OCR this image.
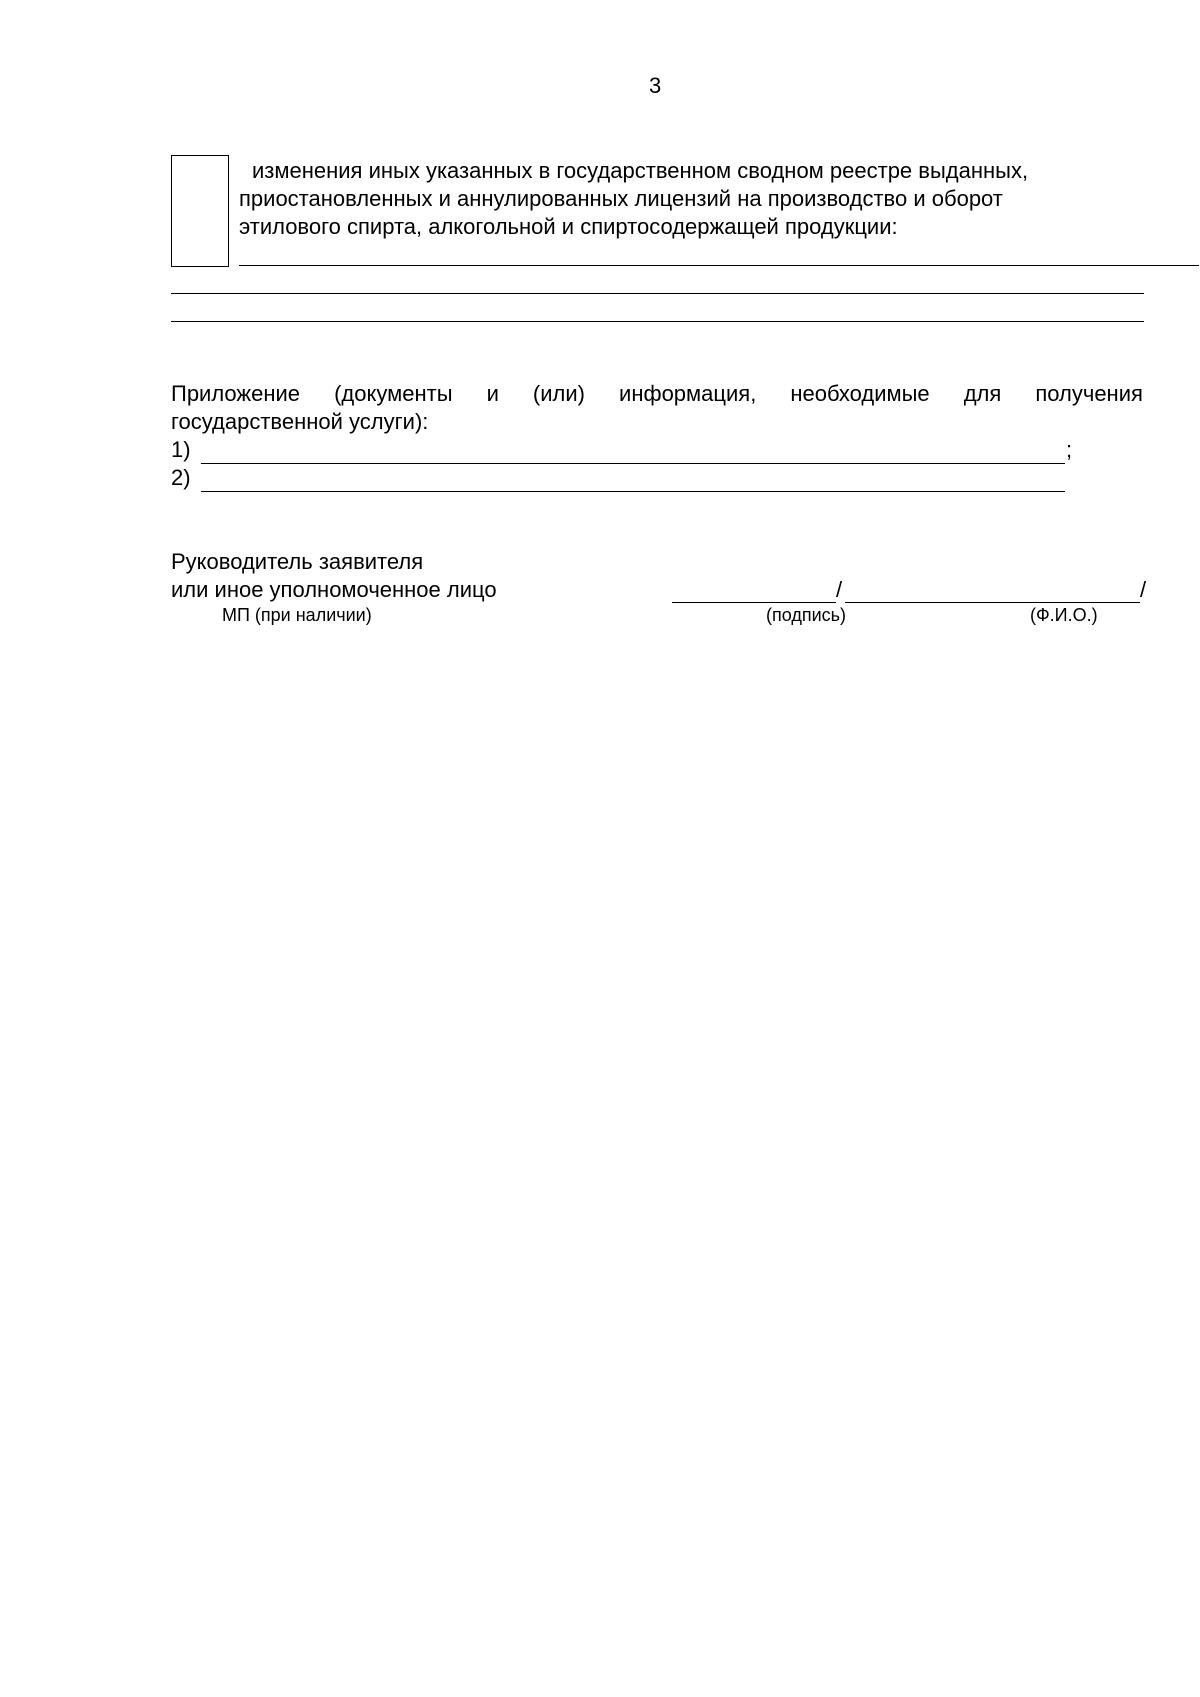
3
изменения иных указанных в государственном сводном реестре выданных,
приостановленных и аннулированных лицензий на производство и оборот
этилового спирта, алкогольной и спиртосодержащей продукции:
Приложение (документы и (или) информация, необходимые для получения
государственной услуги):
1)	;
2)
Руководитель заявителя
или иное уполномоченное лицо	/	/
МП (при наличии)	(подпись)	(Ф.И.О.)
